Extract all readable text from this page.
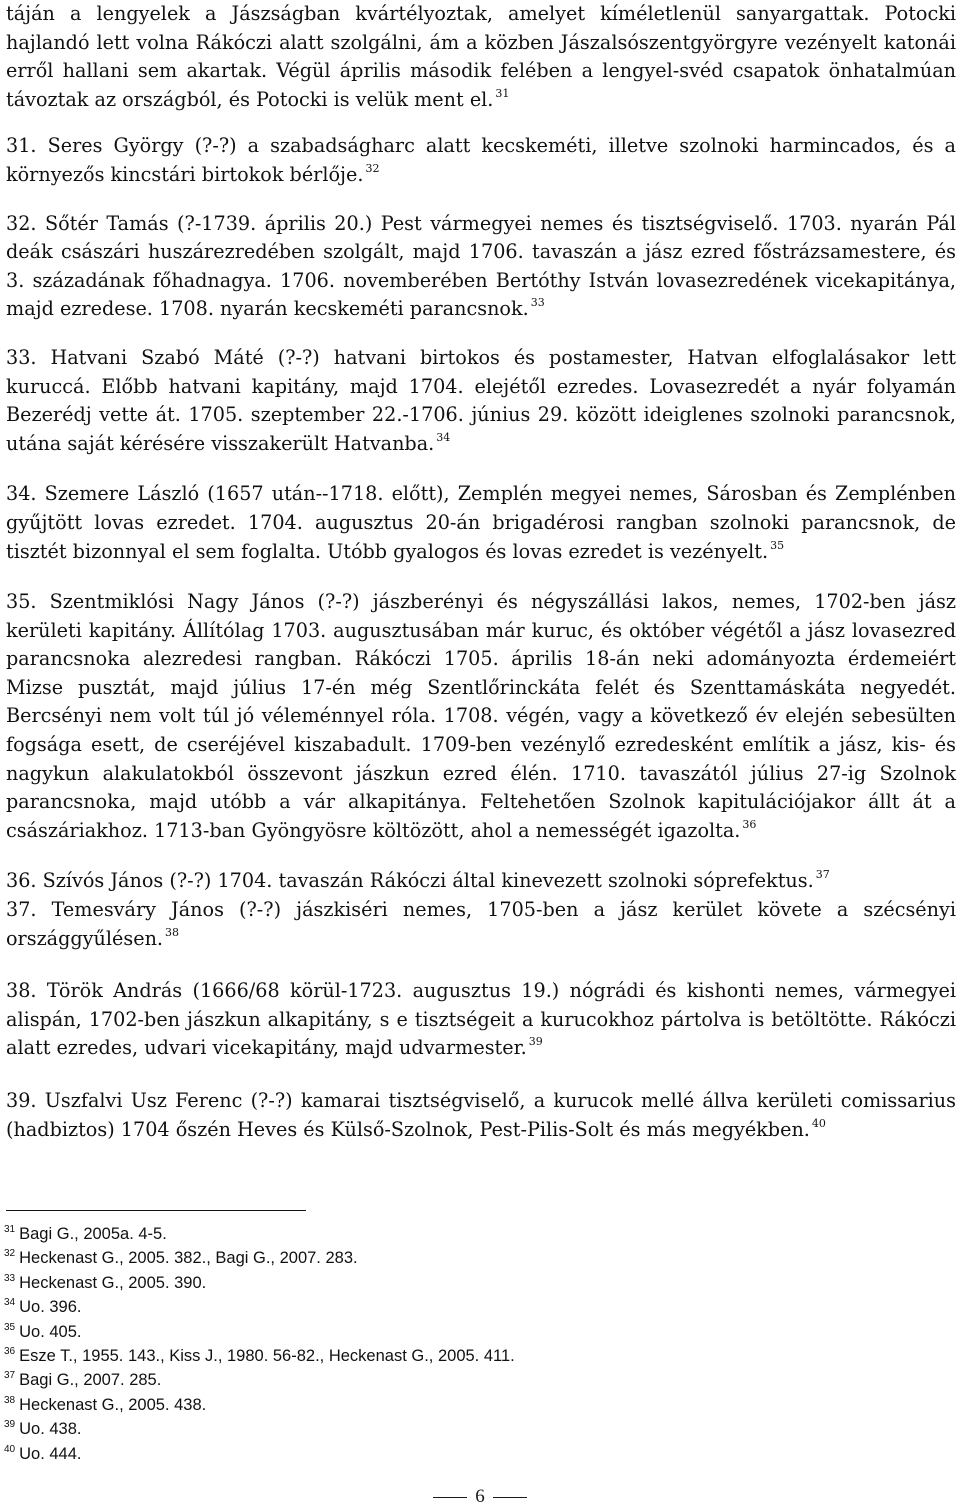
táján a lengyelek a Jászságban kvártélyoztak, amelyet kíméletlenül sanyargattak. Potocki hajlandó lett volna Rákóczi alatt szolgálni, ám a közben Jászalsószentgyörgyre vezényelt katonái erről hallani sem akartak. Végül április második felében a lengyel-svéd csapatok önhatalmúan távoztak az országból, és Potocki is velük ment el. $^{31}$

31. Seres György (?-?) a szabadságharc alatt kecskeméti, illetve szolnoki harmincados, és a környezős kincstári birtokok bérlője. $^{32}$

32. Sőtér Tamás (?-1739. április 20.) Pest vármegyei nemes és tisztségviselő. 1703. nyarán Pál deák császári huszárezredében szolgált, majd 1706. tavaszán a jász ezred főstrázsamestere, és 3. századának főhadnagya. 1706. novemberében Bertóthy István lovasezredének vicekapitánya, majd ezredese. 1708. nyarán kecskeméti parancsnok. $^{33}$

33. Hatvani Szabó Máté (?-?) hatvani birtokos és postamester, Hatvan elfoglalásakor lett kuruccá. Előbb hatvani kapitány, majd 1704. elejétől ezredes. Lovasezredét a nyár folyamán Bezerédj vette át. 1705. szeptember 22.-1706. június 29. között ideiglenes szolnoki parancsnok, utána saját kérésére visszakerült Hatvanba. $^{34}$

34. Szemere László (1657 után--1718. előtt), Zemplén megyei nemes, Sárosban és Zemplénben gyűjtött lovas ezredet. 1704. augusztus 20-án brigadérosi rangban szolnoki parancsnok, de tisztét bizonnyal el sem foglalta. Utóbb gyalogos és lovas ezredet is vezényelt. $^{35}$

35. Szentmiklósi Nagy János (?-?) jászberényi és négyszállási lakos, nemes, 1702-ben jász kerületi kapitány. Állítólag 1703. augusztusában már kuruc, és október végétől a jász lovasezred parancsnoka alezredesi rangban. Rákóczi 1705. április 18-án neki adományozta érdemeiért Mizse pusztát, majd július 17-én még Szentlőrinckáta felét és Szenttamáskáta negyedét. Bercsényi nem volt túl jó véleménnyel róla. 1708. végén, vagy a következő év elején sebesülten fogsága esett, de cseréjével kiszabadult. 1709-ben vezénylő ezredesként említik a jász, kis- és nagykun alakulatokból összevont jászkun ezred élén. 1710. tavaszától július 27-ig Szolnok parancsnoka, majd utóbb a vár alkapitánya. Feltehetően Szolnok kapitulációjakor állt át a császáriakhoz. 1713-ban Gyöngyösre költözött, ahol a nemességét igazolta. $^{36}$

36. Szívós János (?-?) 1704. tavaszán Rákóczi által kinevezett szolnoki sóprefektus. $^{37}$

37. Temesváry János (?-?) jászkiséri nemes, 1705-ben a jász kerület követe a szécsényi országgyűlésen. $^{38}$

38. Török András (1666/68 körül-1723. augusztus 19.) nógrádi és kishonti nemes, vármegyei alispán, 1702-ben jászkun alkapitány, s e tisztségeit a kurucokhoz pártolva is betöltötte. Rákóczi alatt ezredes, udvari vicekapitány, majd udvarmester. $^{39}$

39. Uszfalvi Usz Ferenc (?-?) kamarai tisztségviselő, a kurucok mellé állva kerületi comissarius (hadbiztos) 1704 őszén Heves és Külső-Szolnok, Pest-Pilis-Solt és más megyékben. $^{40}$

$^{31}$ Bagi G., 2005a. 4-5.

$^{32}$ Heckenast G., 2005. 382., Bagi G., 2007. 283.

$^{33}$ Heckenast G., 2005. 390.

$^{34}$ Uo. 396.

$^{35}$ Uo. 405.

$^{36}$ Esze T., 1955. 143., Kiss J., 1980. 56-82., Heckenast G., 2005. 411.

$^{37}$ Bagi G., 2007. 285.

$^{38}$ Heckenast G., 2005. 438.

$^{39}$ Uo. 438.

$^{40}$ Uo. 444.

6
